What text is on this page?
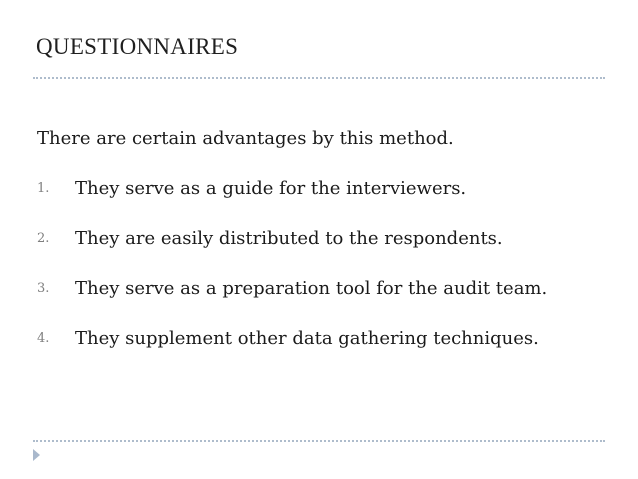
QUESTIONNAIRES

There are certain advantages by this method.

1. They serve as a guide for the interviewers.
2. They are easily distributed to the respondents.
3. They serve as a preparation tool for the audit team.
4. They supplement other data gathering techniques.
